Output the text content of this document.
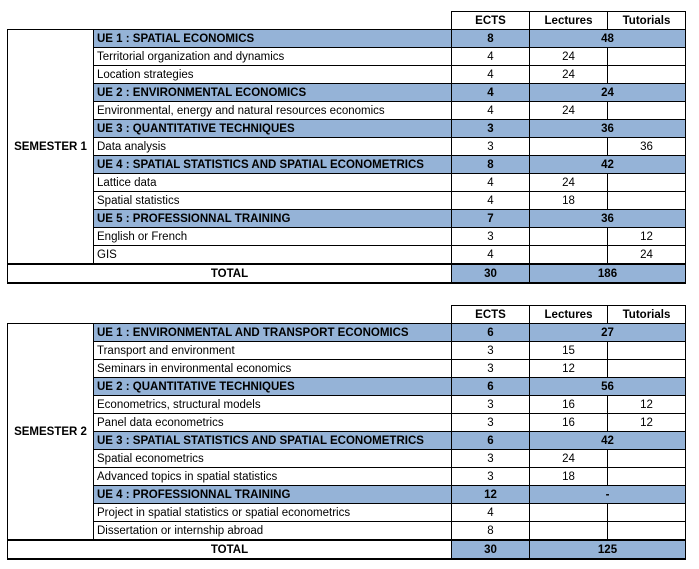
		ECTS	Lectures	Tutorials
SEMESTER 1	UE 1 : SPATIAL ECONOMICS	8	48	
	Territorial organization and dynamics	4	24	
	Location strategies	4	24	
	UE 2 : ENVIRONMENTAL ECONOMICS	4	24	
	Environmental, energy and natural resources economics	4	24	
	UE 3 : QUANTITATIVE TECHNIQUES	3	36	
	Data analysis	3		36
	UE 4 : SPATIAL STATISTICS AND SPATIAL ECONOMETRICS	8	42	
	Lattice data	4	24	
	Spatial statistics	4	18	
	UE 5 : PROFESSIONNAL TRAINING	7	36	
	English or French	3		12
	GIS	4		24
TOTAL		30	186	
		ECTS	Lectures	Tutorials
SEMESTER 2	UE 1 : ENVIRONMENTAL AND TRANSPORT ECONOMICS	6	27	
	Transport and environment	3	15	
	Seminars in environmental economics	3	12	
	UE 2 : QUANTITATIVE TECHNIQUES	6	56	
	Econometrics, structural models	3	16	12
	Panel data econometrics	3	16	12
	UE 3 : SPATIAL STATISTICS AND SPATIAL ECONOMETRICS	6	42	
	Spatial econometrics	3	24	
	Advanced topics in spatial statistics	3	18	
	UE 4 : PROFESSIONNAL TRAINING	12	-	
	Project in spatial statistics or spatial econometrics	4		
	Dissertation or internship abroad	8		
TOTAL		30	125	
